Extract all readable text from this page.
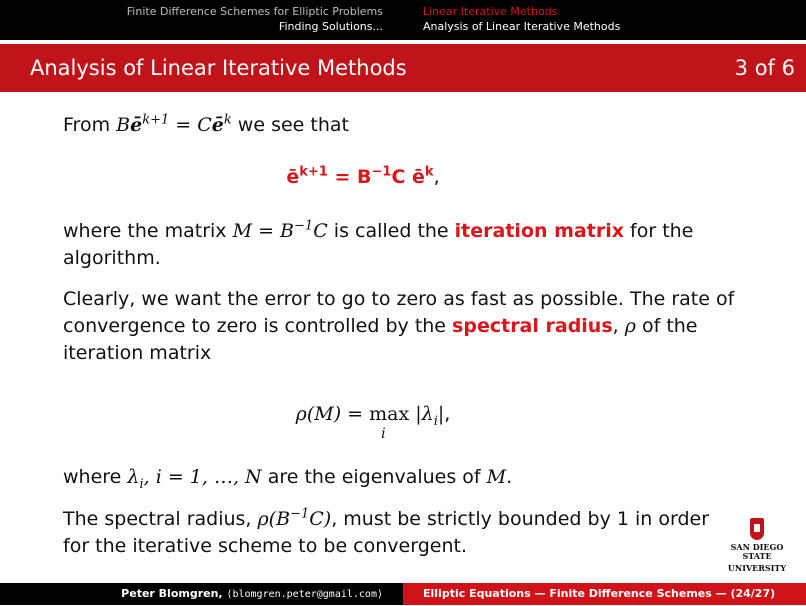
Finite Difference Schemes for Elliptic Problems
Finding Solutions...
Linear Iterative Methods
Analysis of Linear Iterative Methods
Analysis of Linear Iterative Methods	3 of 6

From $Bē^{k+1}$ = $Cē^k$ we see that

$ē^{k+1} = B^{-1}C$ $ē^k$,

where the matrix $M = B^{-1}C$ is called the iteration matrix for the algorithm.

Clearly, we want the error to go to zero as fast as possible. The rate of convergence to zero is controlled by the spectral radius, ρ of the iteration matrix

ρ(M) = max
i
$|\lambda_i|$,

where $\lambda_i$, i = 1, …, N are the eigenvalues of M.

The spectral radius, $\rho(B^{-1}C)$, must be strictly bounded by 1 in order for the iterative scheme to be convergent.	SAN DIEGO STATE
UNIVERSITY
Peter Blomgren, ⟨blomgren.peter@gmail.com⟩	Elliptic Equations — Finite Difference Schemes — (24/27)
